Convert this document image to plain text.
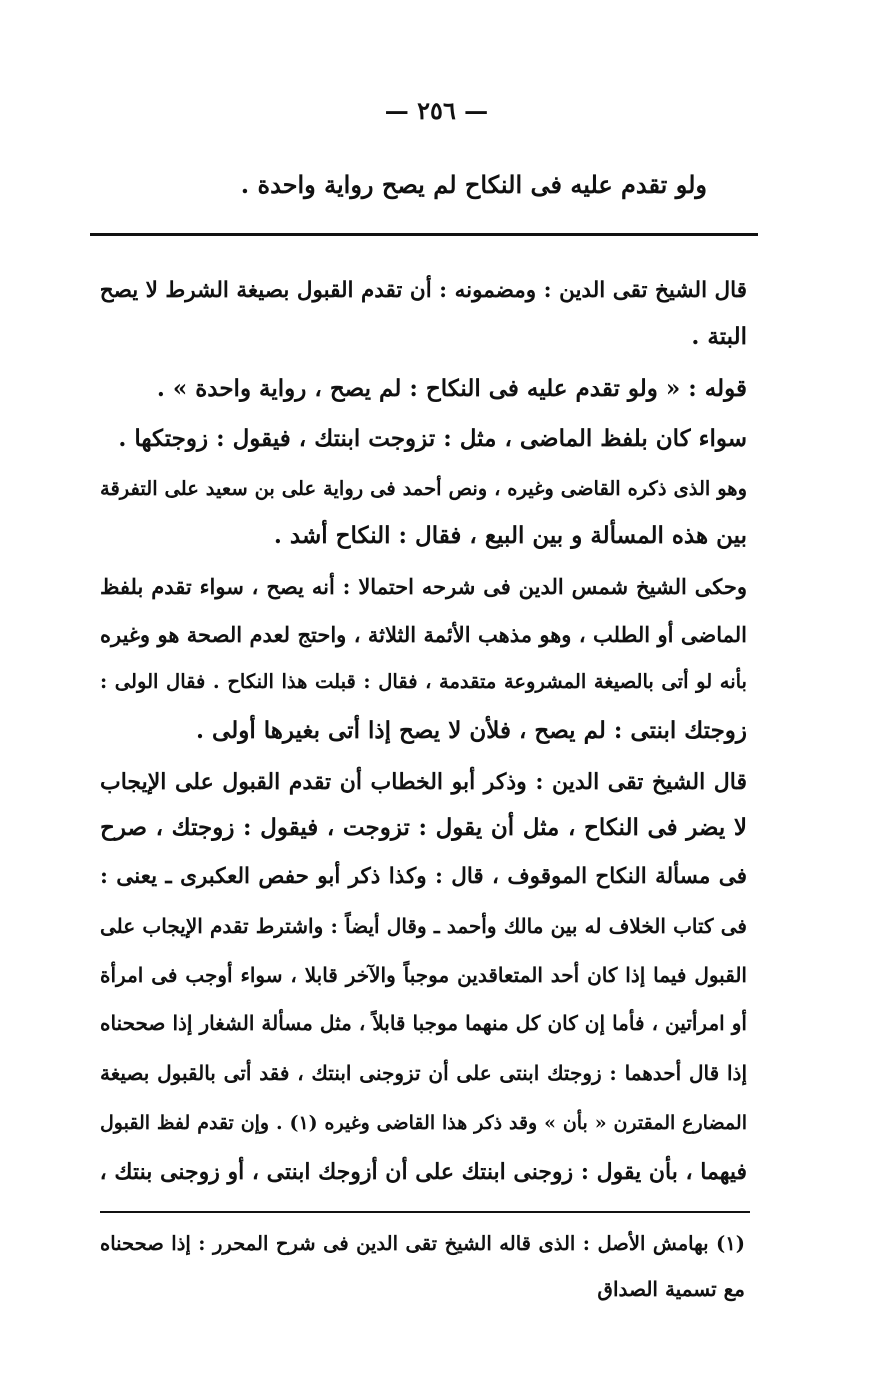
— ٢٥٦ —
ولو تقدم عليه فى النكاح لم يصح رواية واحدة .
قال الشيخ تقى الدين : ومضمونه : أن تقدم القبول بصيغة الشرط لا يصح
البتة .
قوله : « ولو تقدم عليه فى النكاح : لم يصح ، رواية واحدة » .
سواء كان بلفظ الماضى ، مثل : تزوجت ابنتك ، فيقول : زوجتكها .
وهو الذى ذكره القاضى وغيره ، ونص أحمد فى رواية على بن سعيد على التفرقة
بين هذه المسألة و بين البيع ، فقال : النكاح أشد .
وحكى الشيخ شمس الدين فى شرحه احتمالا : أنه يصح ، سواء تقدم بلفظ
الماضى أو الطلب ، وهو مذهب الأئمة الثلاثة ، واحتج لعدم الصحة هو وغيره
بأنه لو أتى بالصيغة المشروعة متقدمة ، فقال : قبلت هذا النكاح . فقال الولى :
زوجتك ابنتى : لم يصح ، فلأن لا يصح إذا أتى بغيرها أولى .
قال الشيخ تقى الدين : وذكر أبو الخطاب أن تقدم القبول على الإيجاب
لا يضر فى النكاح ، مثل أن يقول : تزوجت ، فيقول : زوجتك ، صرح
فى مسألة النكاح الموقوف ، قال : وكذا ذكر أبو حفص العكبرى ـ يعنى :
فى كتاب الخلاف له بين مالك وأحمد ـ وقال أيضاً : واشترط تقدم الإيجاب على
القبول فيما إذا كان أحد المتعاقدين موجباً والآخر قابلا ، سواء أوجب فى امرأة
أو امرأتين ، فأما إن كان كل منهما موجبا قابلاً ، مثل مسألة الشغار إذا صححناه
إذا قال أحدهما : زوجتك ابنتى على أن تزوجنى ابنتك ، فقد أتى بالقبول بصيغة
المضارع المقترن « بأن » وقد ذكر هذا القاضى وغيره (١) . وإن تقدم لفظ القبول
فيهما ، بأن يقول : زوجنى ابنتك على أن أزوجك ابنتى ، أو زوجنى بنتك ،
(١) بهامش الأصل : الذى قاله الشيخ تقى الدين فى شرح المحرر : إذا صححناه
مع تسمية الصداق
